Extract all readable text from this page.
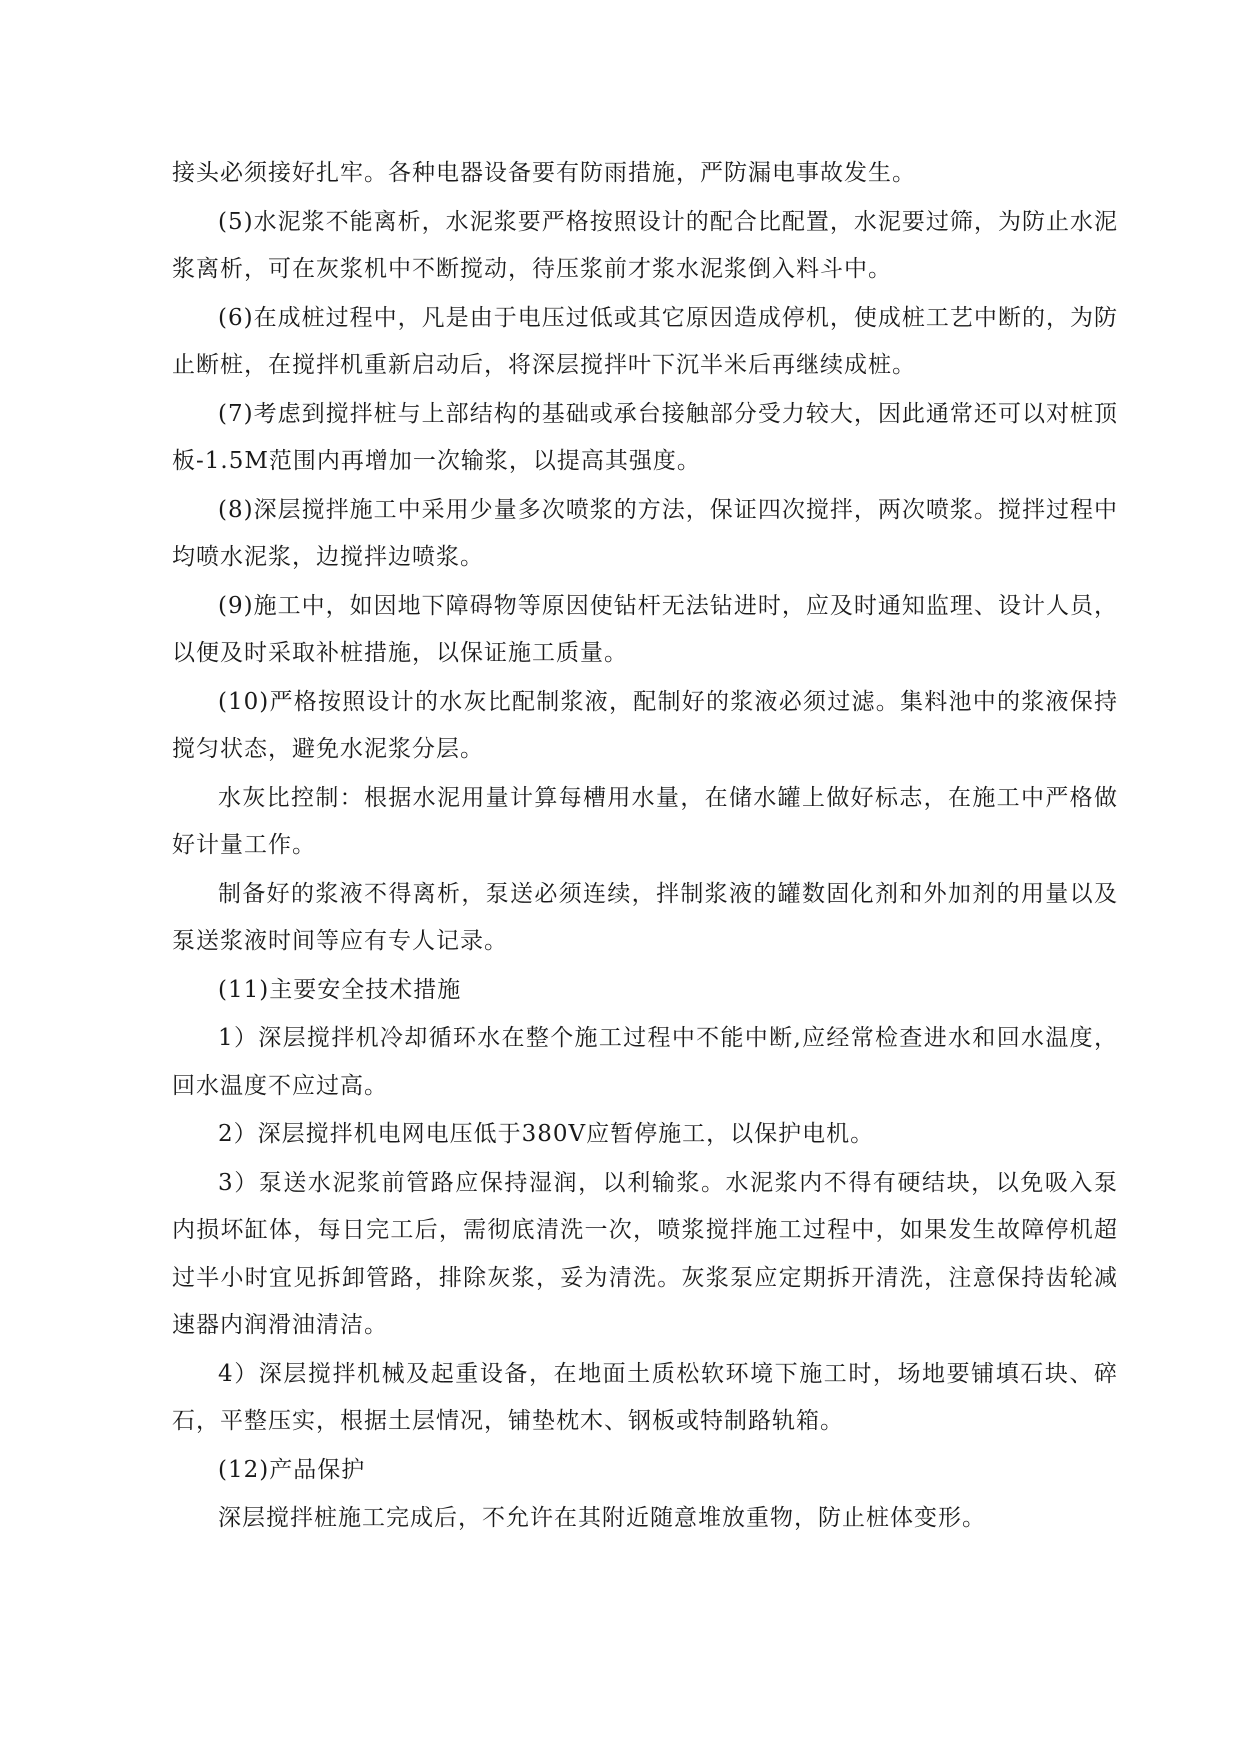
接头必须接好扎牢。各种电器设备要有防雨措施，严防漏电事故发生。

(5)水泥浆不能离析，水泥浆要严格按照设计的配合比配置，水泥要过筛，为防止水泥浆离析，可在灰浆机中不断搅动，待压浆前才浆水泥浆倒入料斗中。

(6)在成桩过程中，凡是由于电压过低或其它原因造成停机，使成桩工艺中断的，为防止断桩，在搅拌机重新启动后，将深层搅拌叶下沉半米后再继续成桩。

(7)考虑到搅拌桩与上部结构的基础或承台接触部分受力较大，因此通常还可以对桩顶板-1.5M范围内再增加一次输浆，以提高其强度。

(8)深层搅拌施工中采用少量多次喷浆的方法，保证四次搅拌，两次喷浆。搅拌过程中均喷水泥浆，边搅拌边喷浆。

(9)施工中，如因地下障碍物等原因使钻杆无法钻进时，应及时通知监理、设计人员，以便及时采取补桩措施，以保证施工质量。

(10)严格按照设计的水灰比配制浆液，配制好的浆液必须过滤。集料池中的浆液保持搅匀状态，避免水泥浆分层。

水灰比控制：根据水泥用量计算每槽用水量，在储水罐上做好标志，在施工中严格做好计量工作。

制备好的浆液不得离析，泵送必须连续，拌制浆液的罐数固化剂和外加剂的用量以及泵送浆液时间等应有专人记录。

(11)主要安全技术措施

1）深层搅拌机冷却循环水在整个施工过程中不能中断,应经常检查进水和回水温度，回水温度不应过高。

2）深层搅拌机电网电压低于380V应暂停施工，以保护电机。

3）泵送水泥浆前管路应保持湿润，以利输浆。水泥浆内不得有硬结块，以免吸入泵内损坏缸体，每日完工后，需彻底清洗一次，喷浆搅拌施工过程中，如果发生故障停机超过半小时宜见拆卸管路，排除灰浆，妥为清洗。灰浆泵应定期拆开清洗，注意保持齿轮减速器内润滑油清洁。

4）深层搅拌机械及起重设备，在地面土质松软环境下施工时，场地要铺填石块、碎石，平整压实，根据土层情况，铺垫枕木、钢板或特制路轨箱。

(12)产品保护

深层搅拌桩施工完成后，不允许在其附近随意堆放重物，防止桩体变形。
